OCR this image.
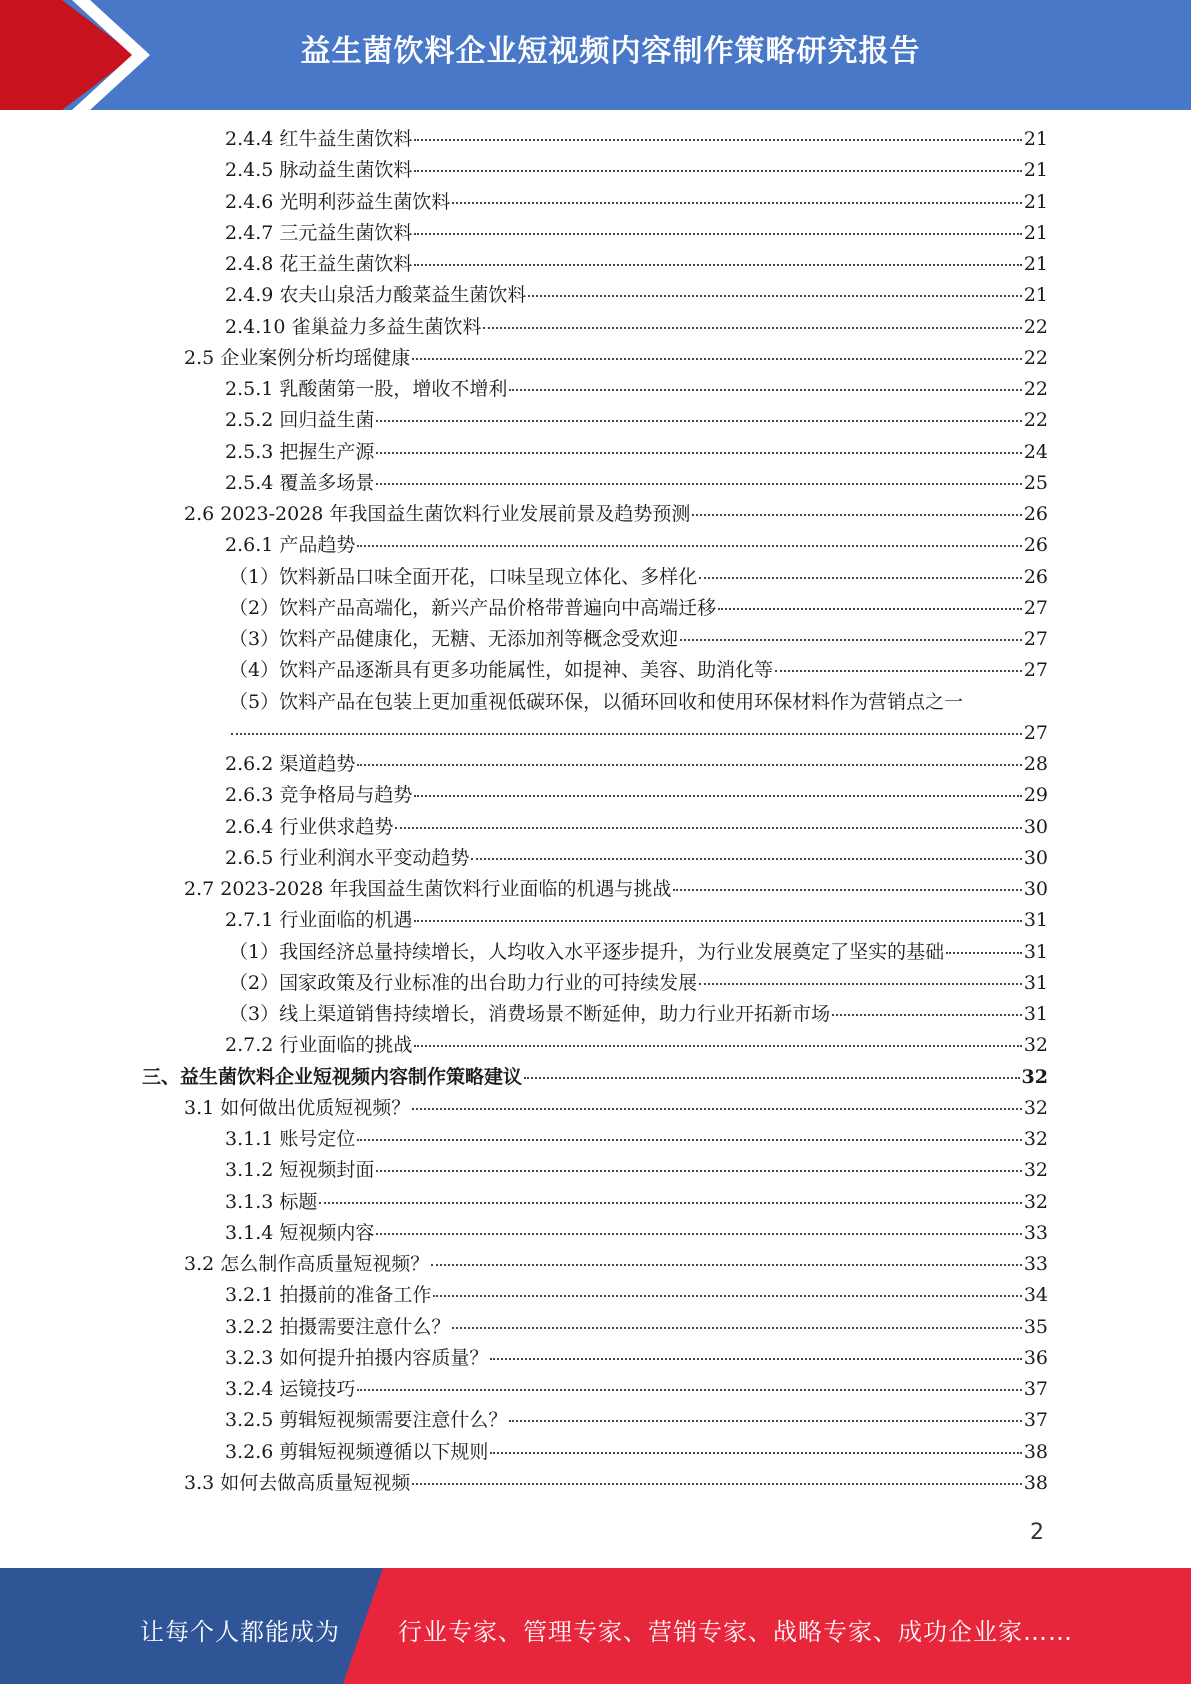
益生菌饮料企业短视频内容制作策略研究报告
2.4.4 红牛益生菌饮料	21
2.4.5 脉动益生菌饮料	21
2.4.6 光明利莎益生菌饮料	21
2.4.7 三元益生菌饮料	21
2.4.8 花王益生菌饮料	21
2.4.9 农夫山泉活力酸菜益生菌饮料	21
2.4.10 雀巢益力多益生菌饮料	22
2.5 企业案例分析均瑶健康	22
2.5.1 乳酸菌第一股，增收不增利	22
2.5.2 回归益生菌	22
2.5.3 把握生产源	24
2.5.4 覆盖多场景	25
2.6 2023-2028 年我国益生菌饮料行业发展前景及趋势预测	26
2.6.1 产品趋势	26
（1）饮料新品口味全面开花，口味呈现立体化、多样化	26
（2）饮料产品高端化，新兴产品价格带普遍向中高端迁移	27
（3）饮料产品健康化，无糖、无添加剂等概念受欢迎	27
（4）饮料产品逐渐具有更多功能属性，如提神、美容、助消化等	27
（5）饮料产品在包装上更加重视低碳环保，以循环回收和使用环保材料作为营销点之一
27
2.6.2 渠道趋势	28
2.6.3 竞争格局与趋势	29
2.6.4 行业供求趋势	30
2.6.5 行业利润水平变动趋势	30
2.7 2023-2028 年我国益生菌饮料行业面临的机遇与挑战	30
2.7.1 行业面临的机遇	31
（1）我国经济总量持续增长，人均收入水平逐步提升，为行业发展奠定了坚实的基础	31
（2）国家政策及行业标准的出台助力行业的可持续发展	31
（3）线上渠道销售持续增长，消费场景不断延伸，助力行业开拓新市场	31
2.7.2 行业面临的挑战	32
三、益生菌饮料企业短视频内容制作策略建议	32
3.1 如何做出优质短视频？	32
3.1.1 账号定位	32
3.1.2 短视频封面	32
3.1.3 标题	32
3.1.4 短视频内容	33
3.2 怎么制作高质量短视频？	33
3.2.1 拍摄前的准备工作	34
3.2.2 拍摄需要注意什么？	35
3.2.3 如何提升拍摄内容质量？	36
3.2.4 运镜技巧	37
3.2.5 剪辑短视频需要注意什么？	37
3.2.6 剪辑短视频遵循以下规则	38
3.3 如何去做高质量短视频	38
2
让每个人都能成为 行业专家、管理专家、营销专家、战略专家、成功企业家……
